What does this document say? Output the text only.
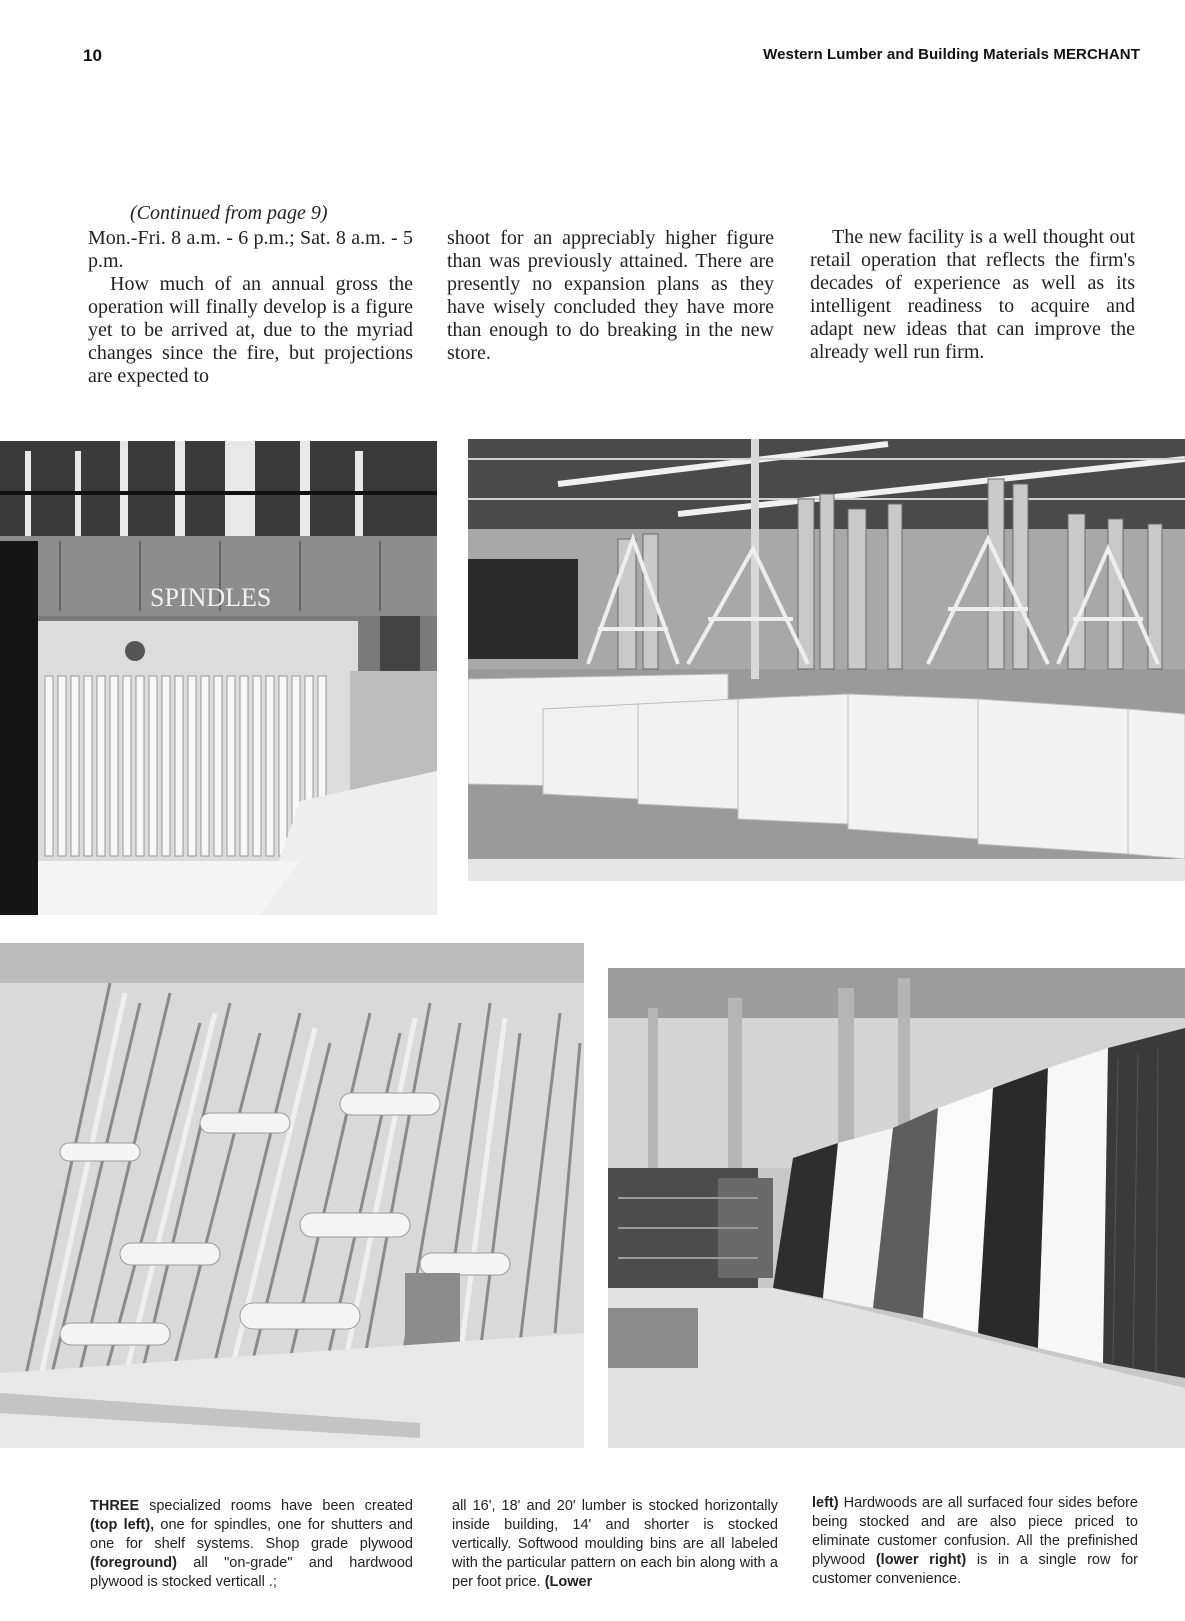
10	Western Lumber and Building Materials MERCHANT

(Continued from page 9)

Mon.-Fri. 8 a.m. - 6 p.m.; Sat. 8 a.m. - 5 p.m.

How much of an annual gross the operation will finally develop is a figure yet to be arrived at, due to the myriad changes since the fire, but projections are expected to

shoot for an appreciably higher figure than was previously attained. There are presently no expansion plans as they have wisely concluded they have more than enough to do breaking in the new store.

The new facility is a well thought out retail operation that reflects the firm's decades of experience as well as its intelligent readiness to acquire and adapt new ideas that can improve the already well run firm.

SPINDLES
THREE specialized rooms have been created (top left), one for spindles, one for shutters and one for shelf systems. Shop grade plywood (foreground) all "on-grade" and hardwood plywood is stocked verticall .;
all 16', 18' and 20' lumber is stocked horizontally inside building, 14' and shorter is stocked vertically. Softwood moulding bins are all labeled with the particular pattern on each bin along with a per foot price. (Lower
left) Hardwoods are all surfaced four sides before being stocked and are also piece priced to eliminate customer confusion. All the prefinished plywood (lower right) is in a single row for customer convenience.
